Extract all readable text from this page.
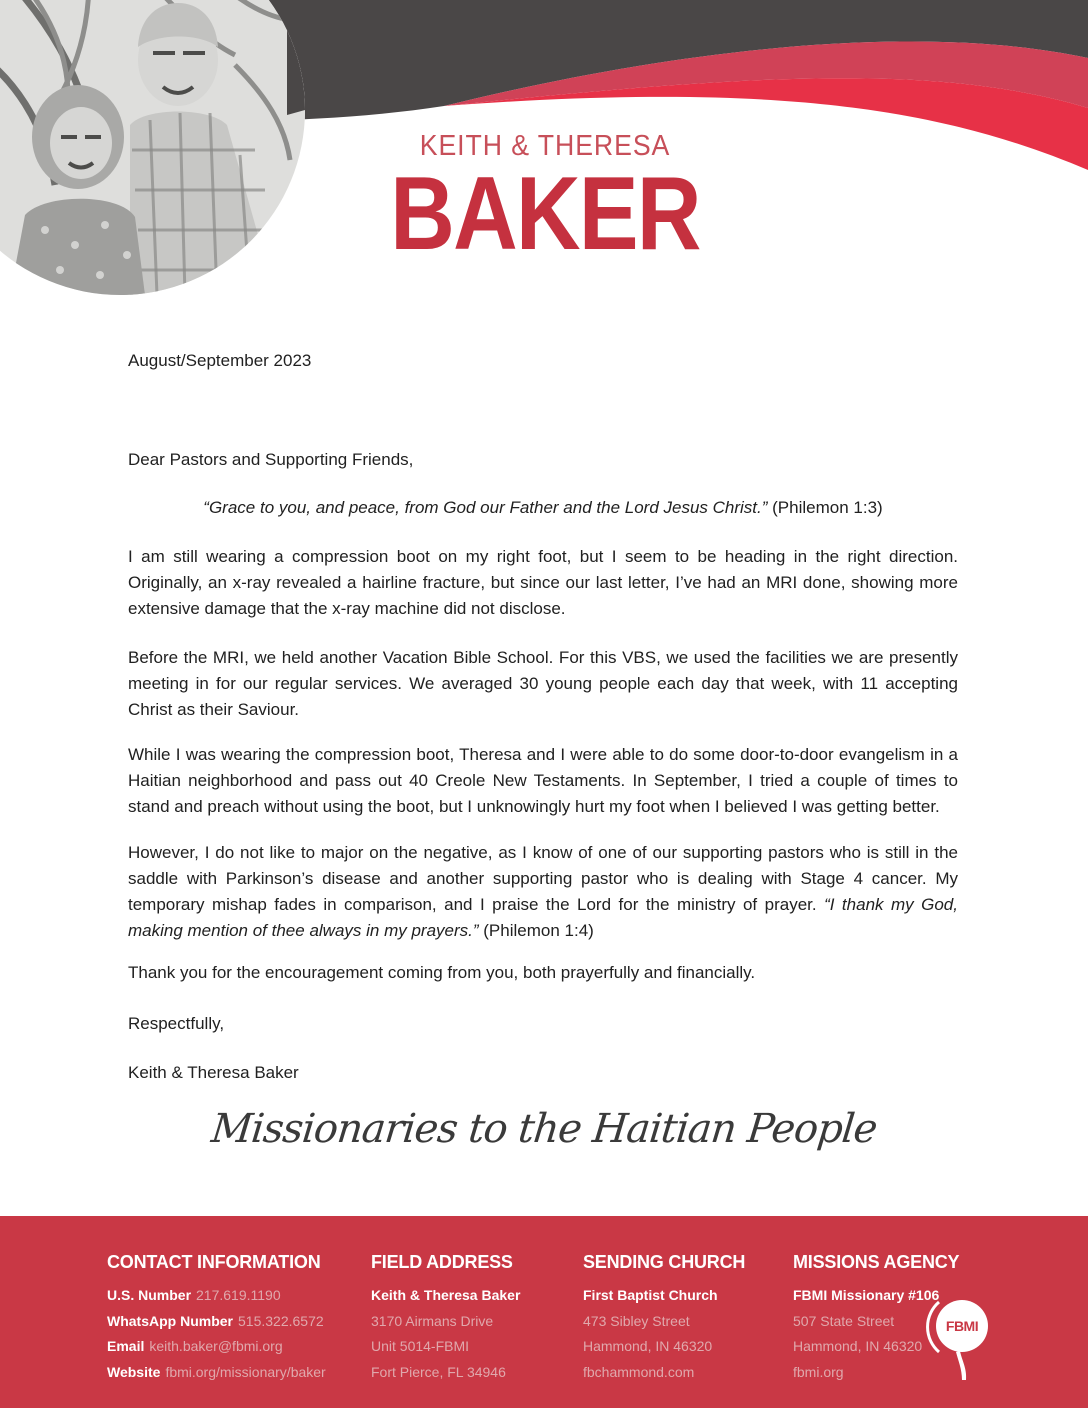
KEITH & THERESA
BAKER
August/September 2023
Dear Pastors and Supporting Friends,
“Grace to you, and peace, from God our Father and the Lord Jesus Christ.” (Philemon 1:3)
I am still wearing a compression boot on my right foot, but I seem to be heading in the right direction. Originally, an x-ray revealed a hairline fracture, but since our last letter, I’ve had an MRI done, showing more extensive damage that the x-ray machine did not disclose.
Before the MRI, we held another Vacation Bible School. For this VBS, we used the facilities we are presently meeting in for our regular services. We averaged 30 young people each day that week, with 11 accepting Christ as their Saviour.
While I was wearing the compression boot, Theresa and I were able to do some door-to-door evangelism in a Haitian neighborhood and pass out 40 Creole New Testaments. In September, I tried a couple of times to stand and preach without using the boot, but I unknowingly hurt my foot when I believed I was getting better.
However, I do not like to major on the negative, as I know of one of our supporting pastors who is still in the saddle with Parkinson’s disease and another supporting pastor who is dealing with Stage 4 cancer. My temporary mishap fades in comparison, and I praise the Lord for the ministry of prayer. “I thank my God, making mention of thee always in my prayers.” (Philemon 1:4)
Thank you for the encouragement coming from you, both prayerfully and financially.
Respectfully,
Keith & Theresa Baker
Missionaries to the Haitian People
CONTACT INFORMATION
U.S. Number 217.619.1190
WhatsApp Number 515.322.6572
Email keith.baker@fbmi.org
Website fbmi.org/missionary/baker
FIELD ADDRESS
Keith & Theresa Baker
3170 Airmans Drive
Unit 5014-FBMI
Fort Pierce, FL 34946
SENDING CHURCH
First Baptist Church
473 Sibley Street
Hammond, IN 46320
fbchammond.com
MISSIONS AGENCY
FBMI Missionary #106
507 State Street
Hammond, IN 46320
fbmi.org
FBMI
